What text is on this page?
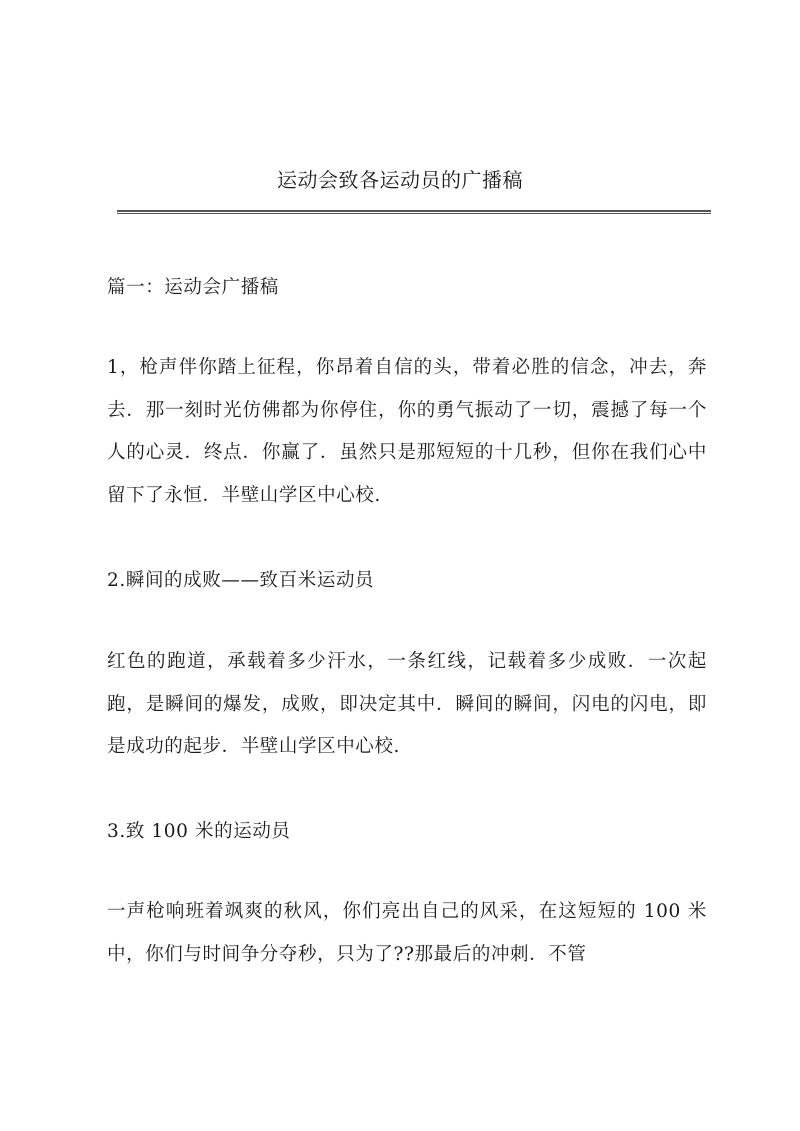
运动会致各运动员的广播稿
篇一：运动会广播稿
1，枪声伴你踏上征程，你昂着自信的头，带着必胜的信念，冲去，奔去．那一刻时光仿佛都为你停住，你的勇气振动了一切，震撼了每一个人的心灵．终点．你赢了．虽然只是那短短的十几秒，但你在我们心中留下了永恒．半壁山学区中心校.
2.瞬间的成败——致百米运动员
红色的跑道，承载着多少汗水，一条红线，记载着多少成败．一次起跑，是瞬间的爆发，成败，即决定其中．瞬间的瞬间，闪电的闪电，即是成功的起步．半壁山学区中心校.
3.致 100 米的运动员
一声枪响班着飒爽的秋风，你们亮出自己的风采，在这短短的 100 米中，你们与时间争分夺秒，只为了??那最后的冲刺．不管
